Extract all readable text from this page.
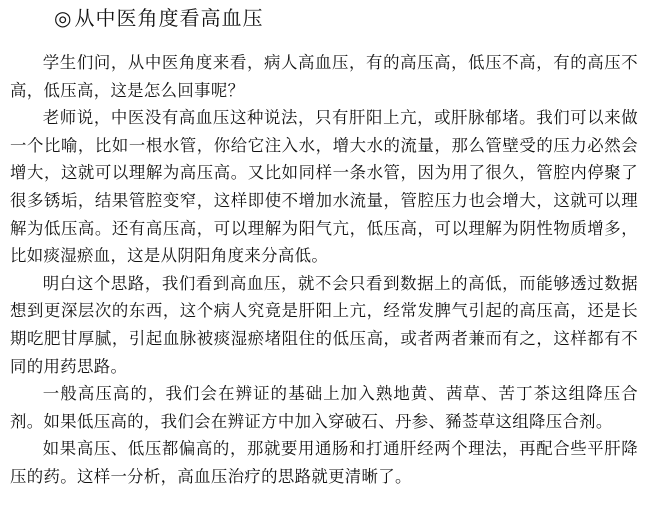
◎ 从中医角度看高血压

学生们问，从中医角度来看，病人高血压，有的高压高，低压不高，有的高压不高，低压高，这是怎么回事呢？

老师说，中医没有高血压这种说法，只有肝阳上亢，或肝脉郁堵。我们可以来做一个比喻，比如一根水管，你给它注入水，增大水的流量，那么管壁受的压力必然会增大，这就可以理解为高压高。又比如同样一条水管，因为用了很久，管腔内停聚了很多锈垢，结果管腔变窄，这样即使不增加水流量，管腔压力也会增大，这就可以理解为低压高。还有高压高，可以理解为阳气亢，低压高，可以理解为阴性物质增多，比如痰湿瘀血，这是从阴阳角度来分高低。

明白这个思路，我们看到高血压，就不会只看到数据上的高低，而能够透过数据想到更深层次的东西，这个病人究竟是肝阳上亢，经常发脾气引起的高压高，还是长期吃肥甘厚腻，引起血脉被痰湿瘀堵阻住的低压高，或者两者兼而有之，这样都有不同的用药思路。

一般高压高的，我们会在辨证的基础上加入熟地黄、茜草、苦丁茶这组降压合剂。如果低压高的，我们会在辨证方中加入穿破石、丹参、豨莶草这组降压合剂。

如果高压、低压都偏高的，那就要用通肠和打通肝经两个理法，再配合些平肝降压的药。这样一分析，高血压治疗的思路就更清晰了。
